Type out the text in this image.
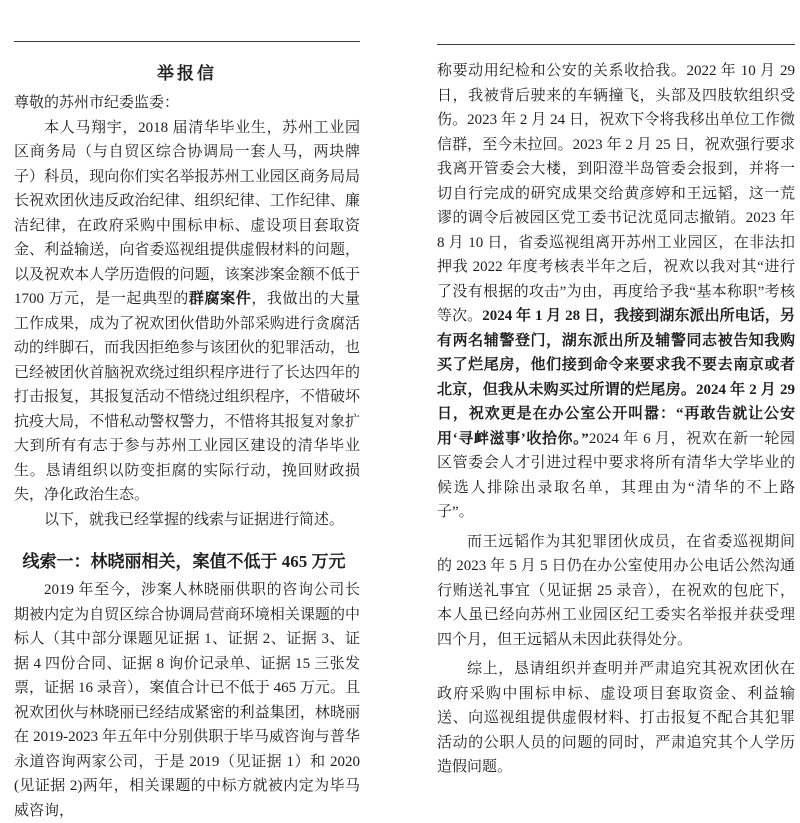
举报信

尊敬的苏州市纪委监委：

本人马翔宇，2018 届清华毕业生，苏州工业园区商务局（与自贸区综合协调局一套人马，两块牌子）科员，现向你们实名举报苏州工业园区商务局局长祝欢团伙违反政治纪律、组织纪律、工作纪律、廉洁纪律，在政府采购中围标申标、虚设项目套取资金、利益输送，向省委巡视组提供虚假材料的问题，以及祝欢本人学历造假的问题，该案涉案金额不低于 1700 万元，是一起典型的群腐案件，我做出的大量工作成果，成为了祝欢团伙借助外部采购进行贪腐活动的绊脚石，而我因拒绝参与该团伙的犯罪活动，也已经被团伙首脑祝欢绕过组织程序进行了长达四年的打击报复，其报复活动不惜绕过组织程序，不惜破坏抗疫大局，不惜私动警权警力，不惜将其报复对象扩大到所有有志于参与苏州工业园区建设的清华毕业生。恳请组织以防变拒腐的实际行动，挽回财政损失，净化政治生态。

以下，就我已经掌握的线索与证据进行简述。

线索一：林晓丽相关，案值不低于 465 万元

2019 年至今，涉案人林晓丽供职的咨询公司长期被内定为自贸区综合协调局营商环境相关课题的中标人（其中部分课题见证据 1、证据 2、证据 3、证据 4 四份合同、证据 8 询价记录单、证据 15 三张发票，证据 16 录音），案值合计已不低于 465 万元。且祝欢团伙与林晓丽已经结成紧密的利益集团，林晓丽在 2019-2023 年五年中分别供职于毕马威咨询与普华永道咨询两家公司，于是 2019（见证据 1）和 2020(见证据 2)两年，相关课题的中标方就被内定为毕马威咨询，

称要动用纪检和公安的关系收拾我。2022 年 10 月 29 日，我被背后驶来的车辆撞飞，头部及四肢软组织受伤。2023 年 2 月 24 日，祝欢下令将我移出单位工作微信群，至今未拉回。2023 年 2 月 25 日，祝欢强行要求我离开管委会大楼，到阳澄半岛管委会报到，并将一切自行完成的研究成果交给黄彦婷和王远韬，这一荒谬的调令后被园区党工委书记沈觅同志撤销。2023 年 8 月 10 日，省委巡视组离开苏州工业园区，在非法扣押我 2022 年度考核表半年之后，祝欢以我对其“进行了没有根据的攻击”为由，再度给予我“基本称职”考核等次。2024 年 1 月 28 日，我接到湖东派出所电话，另有两名辅警登门，湖东派出所及辅警同志被告知我购买了烂尾房，他们接到命令来要求我不要去南京或者北京，但我从未购买过所谓的烂尾房。2024 年 2 月 29 日，祝欢更是在办公室公开叫嚣：“再敢告就让公安用‘寻衅滋事’收拾你。”2024 年 6 月，祝欢在新一轮园区管委会人才引进过程中要求将所有清华大学毕业的候选人排除出录取名单，其理由为“清华的不上路子”。

而王远韬作为其犯罪团伙成员，在省委巡视期间的 2023 年 5 月 5 日仍在办公室使用办公电话公然沟通行贿送礼事宜（见证据 25 录音），在祝欢的包庇下，本人虽已经向苏州工业园区纪工委实名举报并获受理四个月，但王远韬从未因此获得处分。

综上，恳请组织并查明并严肃追究其祝欢团伙在政府采购中围标申标、虚设项目套取资金、利益输送、向巡视组提供虚假材料、打击报复不配合其犯罪活动的公职人员的问题的同时，严肃追究其个人学历造假问题。
